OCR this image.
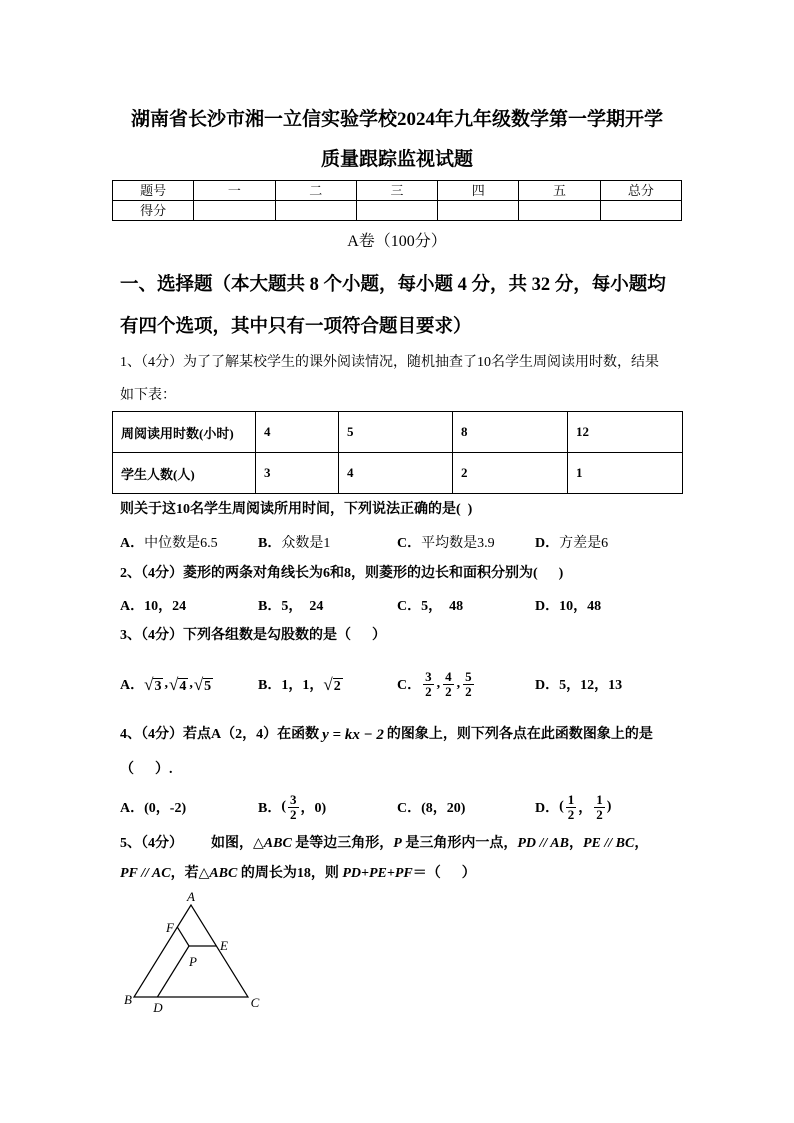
湖南省长沙市湘一立信实验学校2024年九年级数学第一学期开学
质量跟踪监视试题
题号	一	二	三	四	五	总分
得分						
A卷（100分）
一、选择题（本大题共 8 个小题，每小题 4 分，共 32 分，每小题均
有四个选项，其中只有一项符合题目要求）
1、（4分）为了了解某校学生的课外阅读情况，随机抽查了10名学生周阅读用时数，结果
如下表：
周阅读用时数(小时)	4	5	8	12
学生人数(人)	3	4	2	1
则关于这10名学生周阅读所用时间，下列说法正确的是(  )
A． 中位数是6.5	B． 众数是1	C． 平均数是3.9	D． 方差是6
2、（4分）菱形的两条对角线长为6和8，则菱形的边长和面积分别为(      )
A． 10，24	B． 5，  24	C． 5，  48	D． 10，48
3、（4分）下列各组数是勾股数的是（      ）
A． √ 3 , √ 4 , √ 5	B． 1，1， √ 2	C． $\frac{3}{2}$ , $\frac{4}{2}$ , $\frac{5}{2}$	D． 5，12，13
4、（4分）若点A（2，4）在函数 y = kx − 2 的图象上，则下列各点在此函数图象上的是
（      ）.
A． (0，-2)	B． ( $\frac{3}{2}$ ，0)	C． (8，20)	D． ( $\frac{1}{2}$ ， $\frac{1}{2}$ )
5、（4分） 如图， △ABC 是等边三角形， P 是三角形内一点， PD // AB ， PE // BC ，
PF // AC ，若 △ABC 的周长为18，则 PD+PE+PF ＝（      ）
A
B	C
D
F
E
P
